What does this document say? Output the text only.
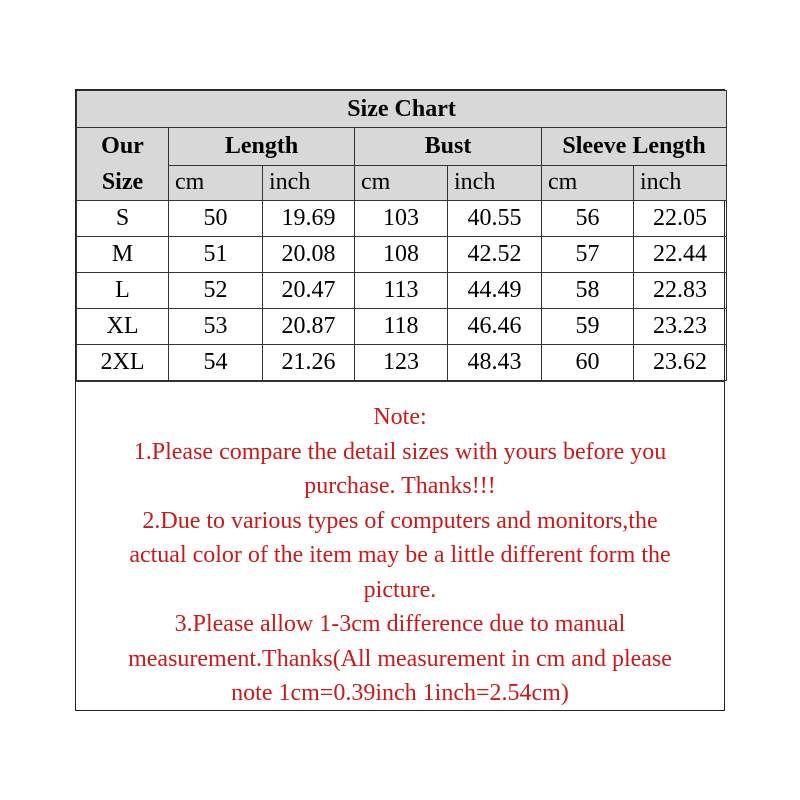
Size Chart						

Our
Size	Length		Bust		Sleeve Length	
	cm	inch	cm	inch	cm	inch
S	50	19.69	103	40.55	56	22.05
M	51	20.08	108	42.52	57	22.44
L	52	20.47	113	44.49	58	22.83
XL	53	20.87	118	46.46	59	23.23
2XL	54	21.26	123	48.43	60	23.62
Note:
1.Please compare the detail sizes with yours before you
purchase. Thanks!!!
2.Due to various types of computers and monitors,the
actual color of the item may be a little different form the
picture.
3.Please allow 1-3cm difference due to manual
measurement.Thanks(All measurement in cm and please
note 1cm=0.39inch 1inch=2.54cm)
